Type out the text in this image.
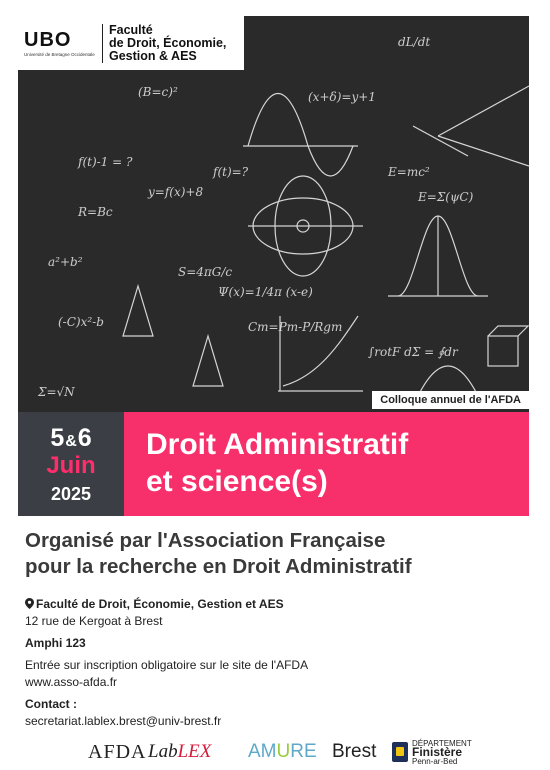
(B=c)²	(x+δ)=y+1
f(t)=?
f(t)-1 = ?
y=f(x)+8
R=Bc
S=4πG/c
E=mc²
Ψ(x)=1/4π (x-e)
∫rotF dΣ = ∮dr
Cm=Pm-P/Rgm
(-C)x²-b
dL/dt
a²+b²
Σ=√N
E=Σ(ψC)
UBO
Université de Bretagne Occidentale
Faculté
de Droit, Économie,
Gestion & AES
Colloque annuel de l'AFDA
5&6
Juin
2025
Droit Administratif
et science(s)
Organisé par l'Association Française
pour la recherche en Droit Administratif
Faculté de Droit, Économie, Gestion et AES
12 rue de Kergoat à Brest
Amphi 123
Entrée sur inscription obligatoire sur le site de l'AFDA
www.asso-afda.fr
Contact :
secretariat.lablex.brest@univ-brest.fr
AFDA Lab LEX AM U RE Brest	DÉPARTEMENT
Finistère
Penn-ar-Bed
